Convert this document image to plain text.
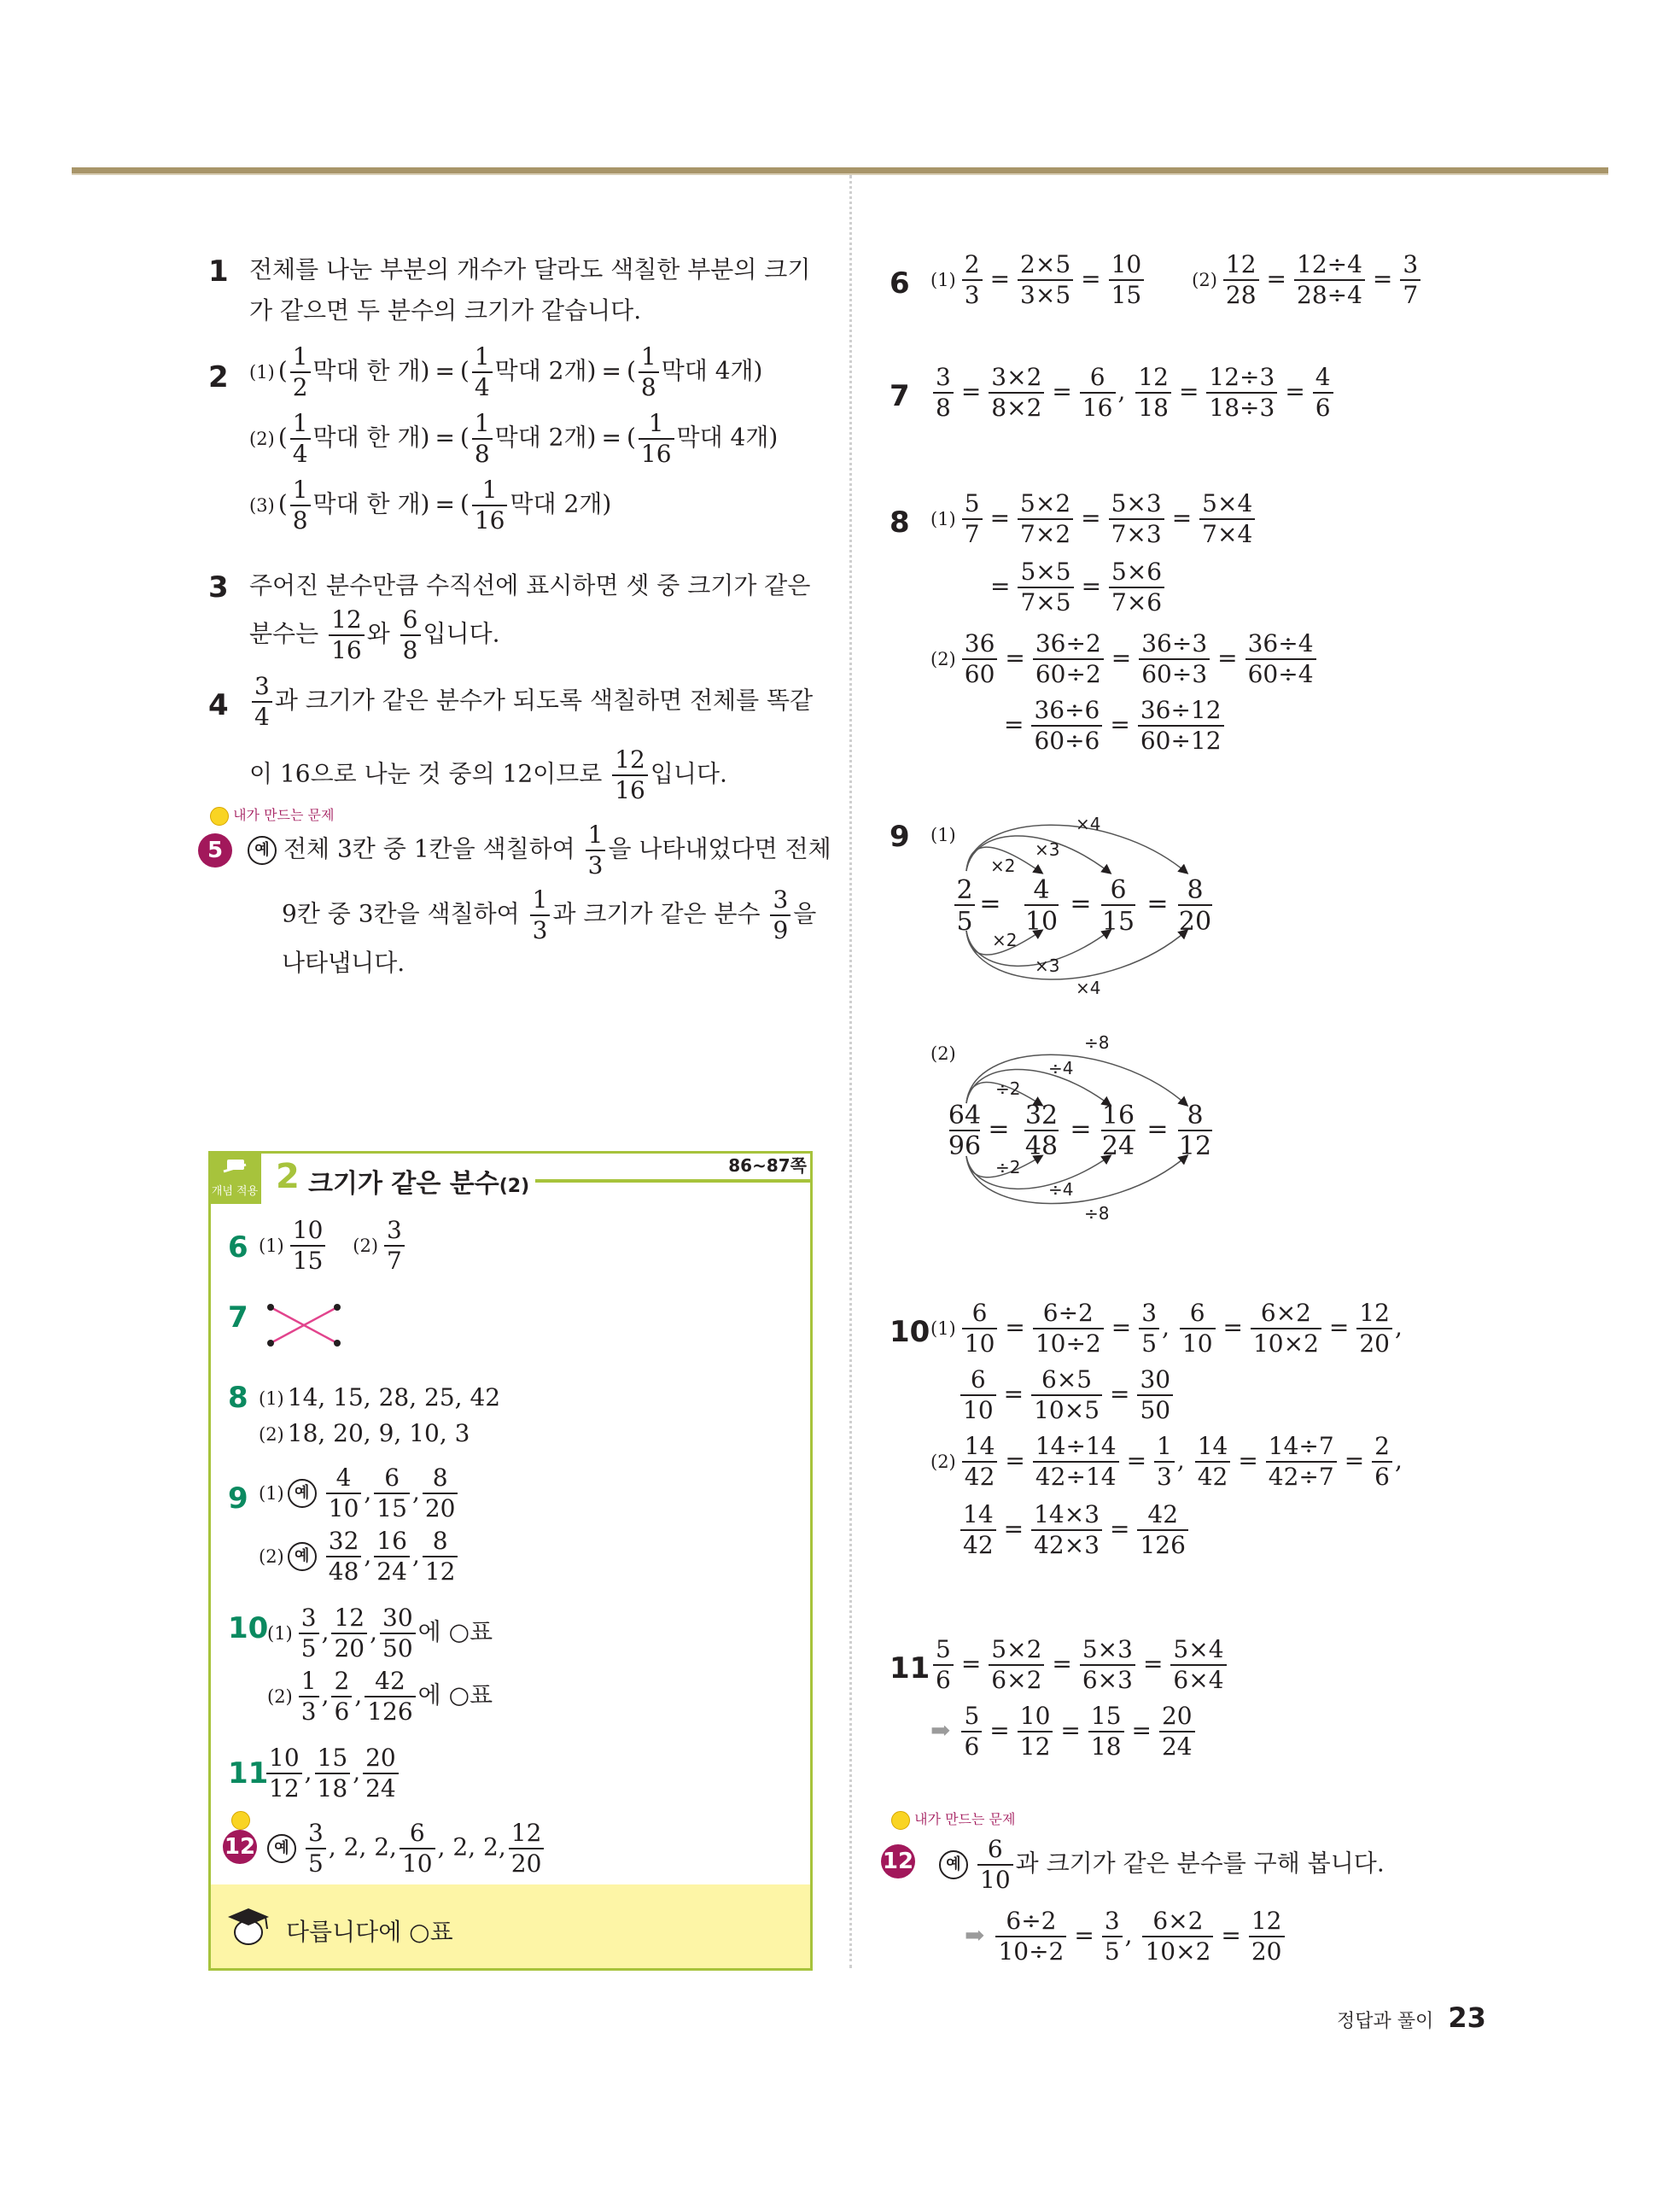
1 전체를 나눈 부분의 개수가 달라도 색칠한 부분의 크기
가 같으면 두 분수의 크기가 같습니다.
2 (1) ( $\frac{1}{2}$ 막대 한 개) = ( $\frac{1}{4}$ 막대 2개) = ( $\frac{1}{8}$ 막대 4개)
(2) ( $\frac{1}{4}$ 막대 한 개) = ( $\frac{1}{8}$ 막대 2개) = ( $\frac{1}{16}$ 막대 4개)
(3) ( $\frac{1}{8}$ 막대 한 개) = ( $\frac{1}{16}$ 막대 2개)
3 주어진 분수만큼 수직선에 표시하면 셋 중 크기가 같은
분수는 $\frac{12}{16}$ 와 $\frac{6}{8}$ 입니다.
$4 \frac{3}{4}$ 과 크기가 같은 분수가 되도록 색칠하면 전체를 똑같
이 16으로 나눈 것 중의 12이므로 $\frac{12}{16}$ 입니다.
내가 만드는 문제
5	예 전체 3칸 중 1칸을 색칠하여 $\frac{1}{3}$ 을 나타내었다면 전체
9칸 중 3칸을 색칠하여 $\frac{1}{3}$ 과 크기가 같은 분수 $\frac{3}{9}$ 을
나타냅니다.
개념 적용 2 크기가 같은 분수(2)
86~87쪽
6 $(1) \frac{10}{15} (2) \frac{3}{7}$
7
8 (1) 14, 15, 28, 25, 42
(2) 18, 20, 9, 10, 3
9 (1) 예 $\frac{4}{10}$ , $\frac{6}{15}$ , $\frac{8}{20}$
(2) 예 $\frac{32}{48}$ , $\frac{16}{24}$ , $\frac{8}{12}$
10
$(1) \frac{3}{5}$ , $\frac{12}{20}$ , $\frac{30}{50}$ 에 ○표
$(2) \frac{1}{3}$ , $\frac{2}{6}$ , $\frac{42}{126}$ 에 ○표
11
$\frac{10}{12}$ , $\frac{15}{18}$ , $\frac{20}{24}$
12	예 $\frac{3}{5}$ , 2, 2, $\frac{6}{10}$ , 2, 2, $\frac{12}{20}$
다릅니다에 ○표
6 $(1) \frac{2}{3} = \frac{2\times 5}{3\times 5} = \frac{10}{15}$	$(2) \frac{12}{28} = \frac{12\div 4}{28\div 4} = \frac{3}{7}$
$7 \frac{3}{8} = \frac{3\times 2}{8\times 2} = \frac{6}{16}$ , $\frac{12}{18} = \frac{12\div 3}{18\div 3} = \frac{4}{6}$
8 $(1) \frac{5}{7} = \frac{5\times 2}{7\times 2} = \frac{5\times 3}{7\times 3} = \frac{5\times 4}{7\times 4}$
= $\frac{5\times 5}{7\times 5} = \frac{5\times 6}{7\times 6}$
$(2) \frac{36}{60} = \frac{36\div 2}{60\div 2} = \frac{36\div 3}{60\div 3} = \frac{36\div 4}{60\div 4}$
= $\frac{36\div 6}{60\div 6} = \frac{36\div 12}{60\div 12}$
9 (1)
×2
×3
×4
×2
×3
×4
2
5
= 4
10
= 6
15
= 8
20
(2)
÷2
÷4
÷8
÷2
÷4
÷8
64
96
= 32
48
= 16
24
= 8
12
10 $(1) \frac{6}{10} = \frac{6\div 2}{10\div 2} = \frac{3}{5}$ , $\frac{6}{10} = \frac{6\times 2}{10\times 2} = \frac{12}{20}$ ,
$\frac{6}{10} = \frac{6\times 5}{10\times 5} = \frac{30}{50}$
$(2) \frac{14}{42} = \frac{14\div 14}{42\div 14} = \frac{1}{3}$ , $\frac{14}{42} = \frac{14\div 7}{42\div 7} = \frac{2}{6}$ ,
$\frac{14}{42} = \frac{14\times 3}{42\times 3} = \frac{42}{126}$
$11 \frac{5}{6} = \frac{5\times 2}{6\times 2} = \frac{5\times 3}{6\times 3} = \frac{5\times 4}{6\times 4}$
➡ $\frac{5}{6} = \frac{10}{12} = \frac{15}{18} = \frac{20}{24}$
내가 만드는 문제
12	예 $\frac{6}{10}$ 과 크기가 같은 분수를 구해 봅니다.
➡ $\frac{6\div 2}{10\div 2} = \frac{3}{5}$ , $\frac{6\times 2}{10\times 2} = \frac{12}{20}$
정답과 풀이 23
